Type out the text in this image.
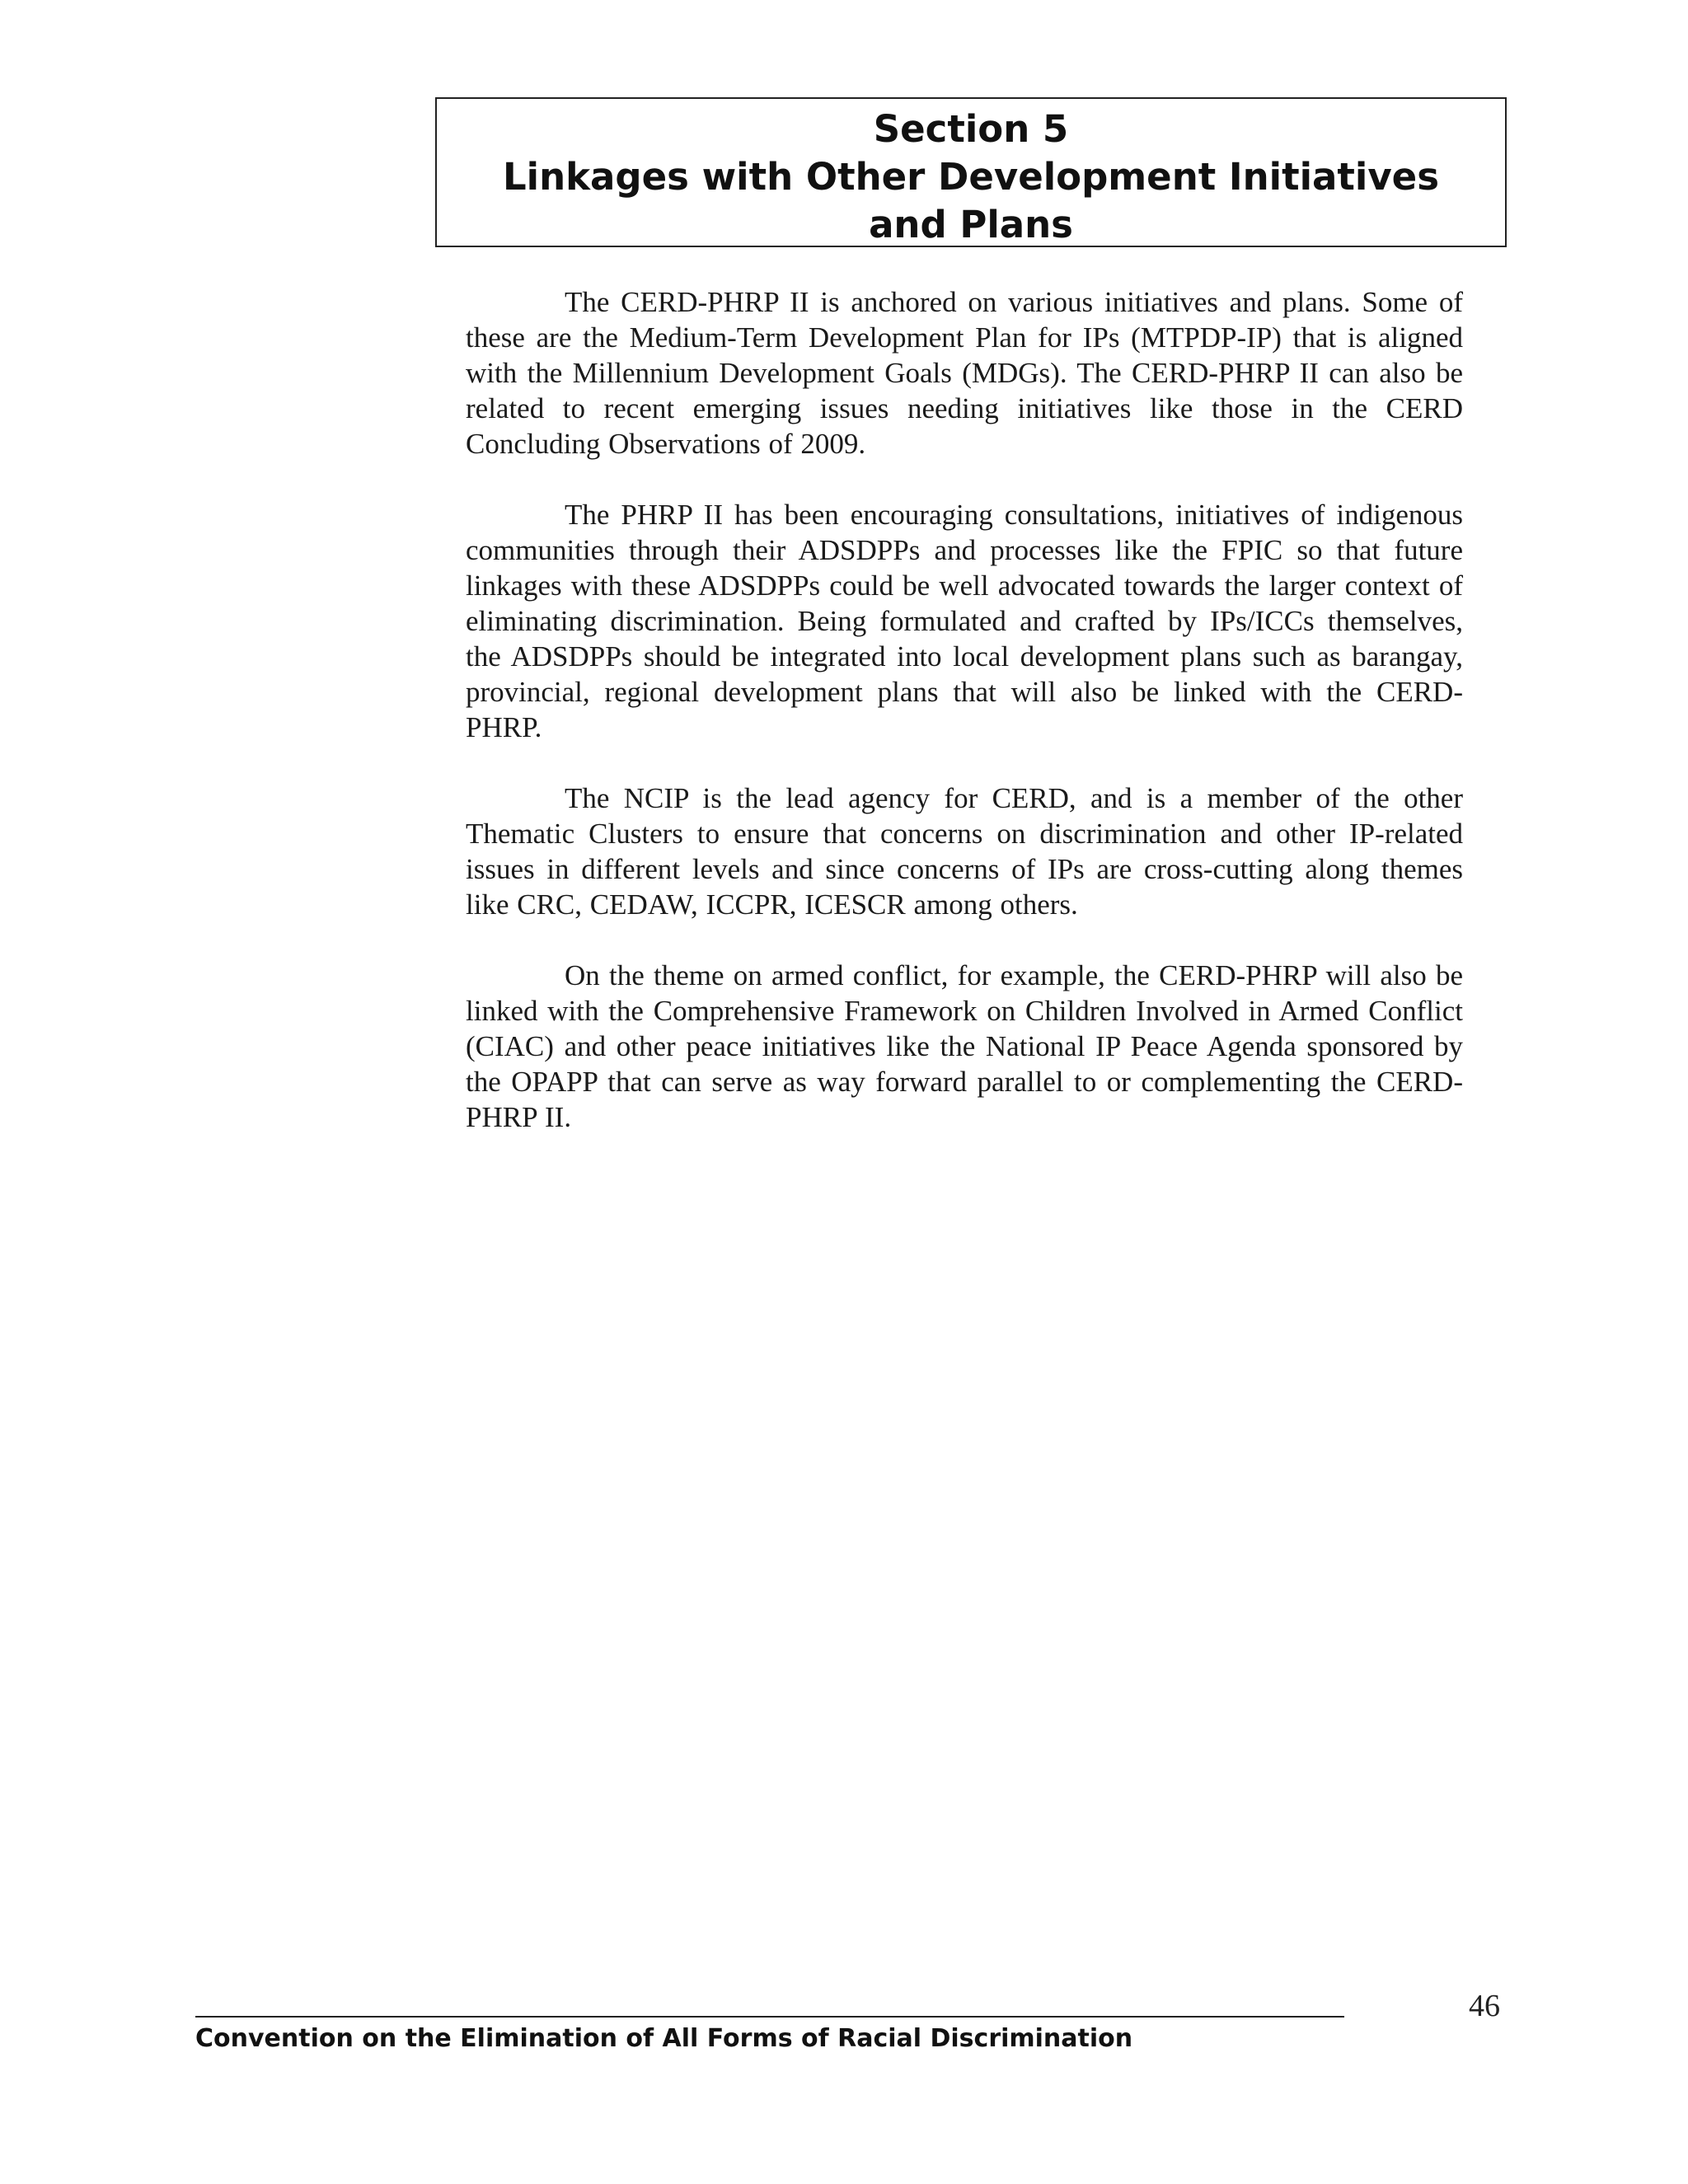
Section 5
Linkages with Other Development Initiatives
and Plans

The CERD-PHRP II is anchored on various initiatives and plans. Some of these are the Medium-Term Development Plan for IPs (MTPDP-IP) that is aligned with the Millennium Development Goals (MDGs). The CERD-PHRP II can also be related to recent emerging issues needing initiatives like those in the CERD Concluding Observations of 2009.

The PHRP II has been encouraging consultations, initiatives of indigenous communities through their ADSDPPs and processes like the FPIC so that future linkages with these ADSDPPs could be well advocated towards the larger context of eliminating discrimination. Being formulated and crafted by IPs/ICCs themselves, the ADSDPPs should be integrated into local development plans such as barangay, provincial, regional development plans that will also be linked with the CERD-PHRP.

The NCIP is the lead agency for CERD, and is a member of the other Thematic Clusters to ensure that concerns on discrimination and other IP-related issues in different levels and since concerns of IPs are cross-cutting along themes like CRC, CEDAW, ICCPR, ICESCR among others.

On the theme on armed conflict, for example, the CERD-PHRP will also be linked with the Comprehensive Framework on Children Involved in Armed Conflict (CIAC) and other peace initiatives like the National IP Peace Agenda sponsored by the OPAPP that can serve as way forward parallel to or complementing the CERD-PHRP II.

46
Convention on the Elimination of All Forms of Racial Discrimination
